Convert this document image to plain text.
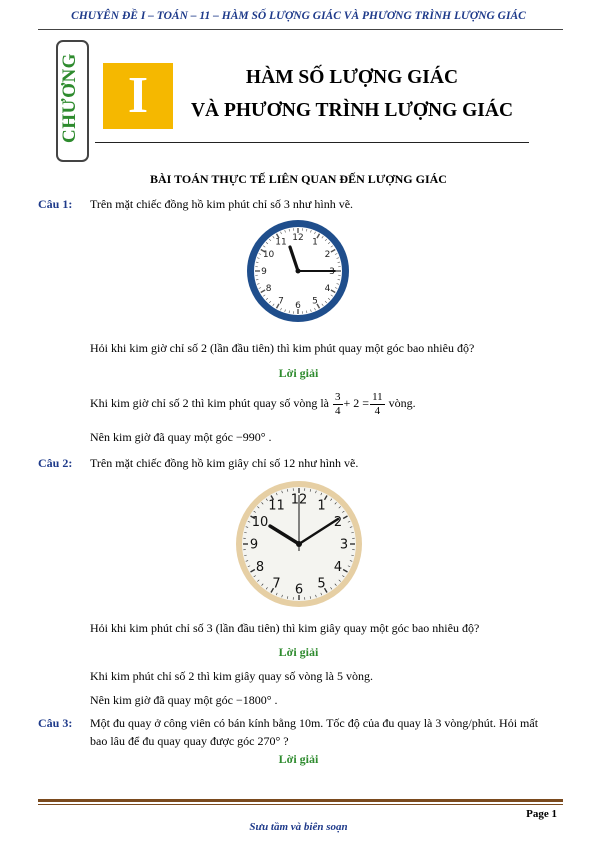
CHUYÊN ĐỀ I – TOÁN – 11 – HÀM SỐ LƯỢNG GIÁC VÀ PHƯƠNG TRÌNH LƯỢNG GIÁC
CHƯƠNG I	HÀM SỐ LƯỢNG GIÁC
VÀ PHƯƠNG TRÌNH LƯỢNG GIÁC
BÀI TOÁN THỰC TẾ LIÊN QUAN ĐẾN LƯỢNG GIÁC
Câu 1: Trên mặt chiếc đồng hồ kim phút chỉ số 3 như hình vẽ.
12 1
2
3
4
5
6
7
8
9
10
11
Hỏi khi kim giờ chỉ số 2 (lần đầu tiên) thì kim phút quay một góc bao nhiêu độ?
Lời giải
Khi kim giờ chỉ số 2 thì kim phút quay số vòng là $\frac{3}{4} + 2 = \frac{11}{4}$ vòng.
Nên kim giờ đã quay một góc −990° .
Câu 2: Trên mặt chiếc đồng hồ kim giây chỉ số 12 như hình vẽ.
12 1
2
3
4
5
6
7
8
9
10
11
Hỏi khi kim phút chỉ số 3 (lần đầu tiên) thì kim giây quay một góc bao nhiêu độ?
Lời giải
Khi kim phút chỉ số 2 thì kim giây quay số vòng là 5 vòng.
Nên kim giờ đã quay một góc −1800° .
Câu 3: Một đu quay ở công viên có bán kính bằng 10m. Tốc độ của đu quay là 3 vòng/phút. Hỏi mất
bao lâu để đu quay quay được góc 270° ?
Lời giải
Page 1
Sưu tầm và biên soạn
